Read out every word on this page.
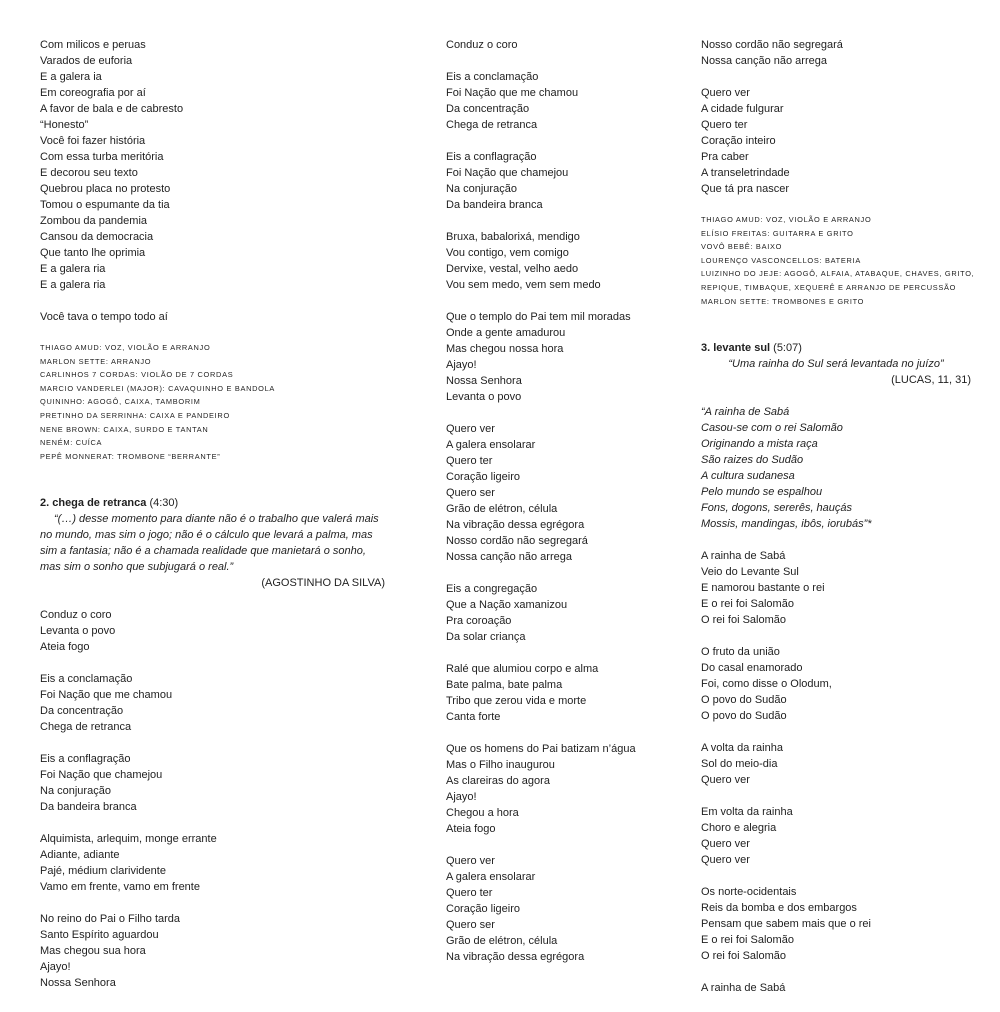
Com milicos e peruas
Varados de euforia
E a galera ia
Em coreografia por aí
A favor de bala e de cabresto
“Honesto”
Você foi fazer história
Com essa turba meritória
E decorou seu texto
Quebrou placa no protesto
Tomou o espumante da tia
Zombou da pandemia
Cansou da democracia
Que tanto lhe oprimia
E a galera ria
E a galera ria
Você tava o tempo todo aí
THIAGO AMUD: VOZ, VIOLÃO E ARRANJO
MARLON SETTE: ARRANJO
CARLINHOS 7 CORDAS: VIOLÃO DE 7 CORDAS
MARCIO VANDERLEI (MAJOR): CAVAQUINHO E BANDOLA
QUININHO: AGOGÔ, CAIXA, TAMBORIM
PRETINHO DA SERRINHA: CAIXA E PANDEIRO
NENE BROWN: CAIXA, SURDO E TANTAN
NENÉM: CUÍCA
PEPÊ MONNERAT: TROMBONE “BERRANTE”

2. chega de retranca (4:30)

“(…) desse momento para diante não é o trabalho que valerá mais no mundo, mas sim o jogo; não é o cálculo que levará a palma, mas sim a fantasia; não é a chamada realidade que manietará o sonho, mas sim o sonho que subjugará o real.”

(AGOSTINHO DA SILVA)

Conduz o coro
Levanta o povo
Ateia fogo
Eis a conclamação
Foi Nação que me chamou
Da concentração
Chega de retranca
Eis a conflagração
Foi Nação que chamejou
Na conjuração
Da bandeira branca
Alquimista, arlequim, monge errante
Adiante, adiante
Pajé, médium clarividente
Vamo em frente, vamo em frente
No reino do Pai o Filho tarda
Santo Espírito aguardou
Mas chegou sua hora
Ajayo!
Nossa Senhora
Conduz o coro
Eis a conclamação
Foi Nação que me chamou
Da concentração
Chega de retranca
Eis a conflagração
Foi Nação que chamejou
Na conjuração
Da bandeira branca
Bruxa, babalorixá, mendigo
Vou contigo, vem comigo
Dervixe, vestal, velho aedo
Vou sem medo, vem sem medo
Que o templo do Pai tem mil moradas
Onde a gente amadurou
Mas chegou nossa hora
Ajayo!
Nossa Senhora
Levanta o povo
Quero ver
A galera ensolarar
Quero ter
Coração ligeiro
Quero ser
Grão de elétron, célula
Na vibração dessa egrégora
Nosso cordão não segregará
Nossa canção não arrega
Eis a congregação
Que a Nação xamanizou
Pra coroação
Da solar criança
Ralé que alumiou corpo e alma
Bate palma, bate palma
Tribo que zerou vida e morte
Canta forte
Que os homens do Pai batizam n’água
Mas o Filho inaugurou
As clareiras do agora
Ajayo!
Chegou a hora
Ateia fogo
Quero ver
A galera ensolarar
Quero ter
Coração ligeiro
Quero ser
Grão de elétron, célula
Na vibração dessa egrégora
Nosso cordão não segregará
Nossa canção não arrega
Quero ver
A cidade fulgurar
Quero ter
Coração inteiro
Pra caber
A transeletrindade
Que tá pra nascer
THIAGO AMUD: VOZ, VIOLÃO E ARRANJO
ELÍSIO FREITAS: GUITARRA E GRITO
VOVÔ BEBÊ: BAIXO
LOURENÇO VASCONCELLOS: BATERIA
LUIZINHO DO JEJE: AGOGÔ, ALFAIA, ATABAQUE, CHAVES, GRITO,
REPIQUE, TIMBAQUE, XEQUERÊ E ARRANJO DE PERCUSSÃO
MARLON SETTE: TROMBONES E GRITO

3. levante sul (5:07)

“Uma rainha do Sul será levantada no juízo”

(LUCAS, 11, 31)

“A rainha de Sabá
Casou-se com o rei Salomão
Originando a mista raça
São raizes do Sudão
A cultura sudanesa
Pelo mundo se espalhou
Fons, dogons, sererês, hauçás
Mossis, mandingas, ibôs, iorubás”*
A rainha de Sabá
Veio do Levante Sul
E namorou bastante o rei
E o rei foi Salomão
O rei foi Salomão
O fruto da união
Do casal enamorado
Foi, como disse o Olodum,
O povo do Sudão
O povo do Sudão
A volta da rainha
Sol do meio-dia
Quero ver
Em volta da rainha
Choro e alegria
Quero ver
Quero ver
Os norte-ocidentais
Reis da bomba e dos embargos
Pensam que sabem mais que o rei
E o rei foi Salomão
O rei foi Salomão
A rainha de Sabá
